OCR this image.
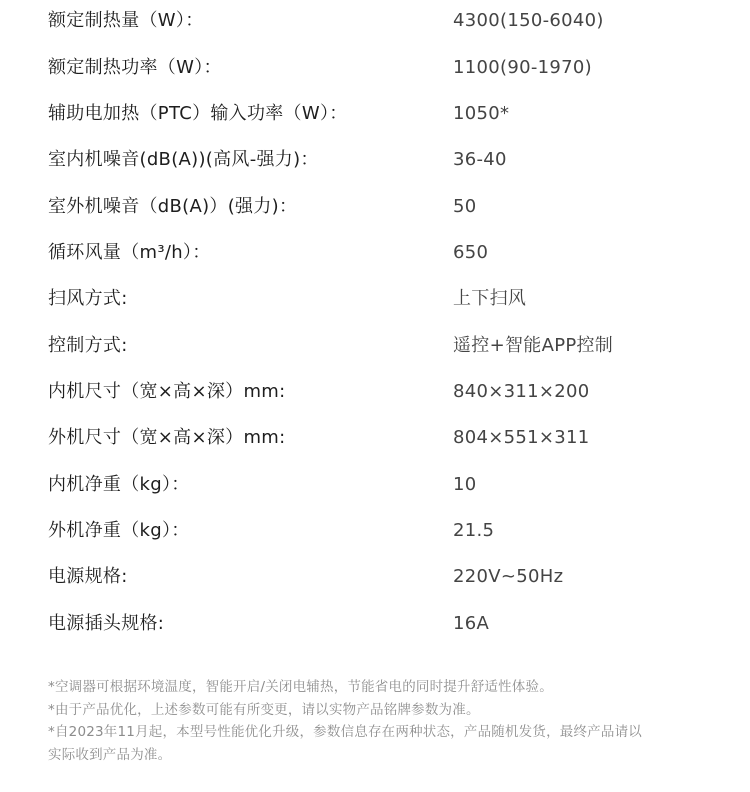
额定制热量（W）：	4300(150-6040)
额定制热功率（W）：	1100(90-1970)
辅助电加热（PTC）输入功率（W）：	1050*
室内机噪音(dB(A))(高风-强力)：	36-40
室外机噪音（dB(A)）(强力)：	50
循环风量（m³/h）：	650
扫风方式:	上下扫风
控制方式:	遥控+智能APP控制
内机尺寸（宽×高×深）mm:	840×311×200
外机尺寸（宽×高×深）mm:	804×551×311
内机净重（kg）：	10
外机净重（kg）：	21.5
电源规格:	220V~50Hz
电源插头规格:	16A
*空调器可根据环境温度，智能开启/关闭电辅热，节能省电的同时提升舒适性体验。
*由于产品优化，上述参数可能有所变更，请以实物产品铭牌参数为准。
*自2023年11月起，本型号性能优化升级，参数信息存在两种状态，产品随机发货，最终产品请以
实际收到产品为准。
